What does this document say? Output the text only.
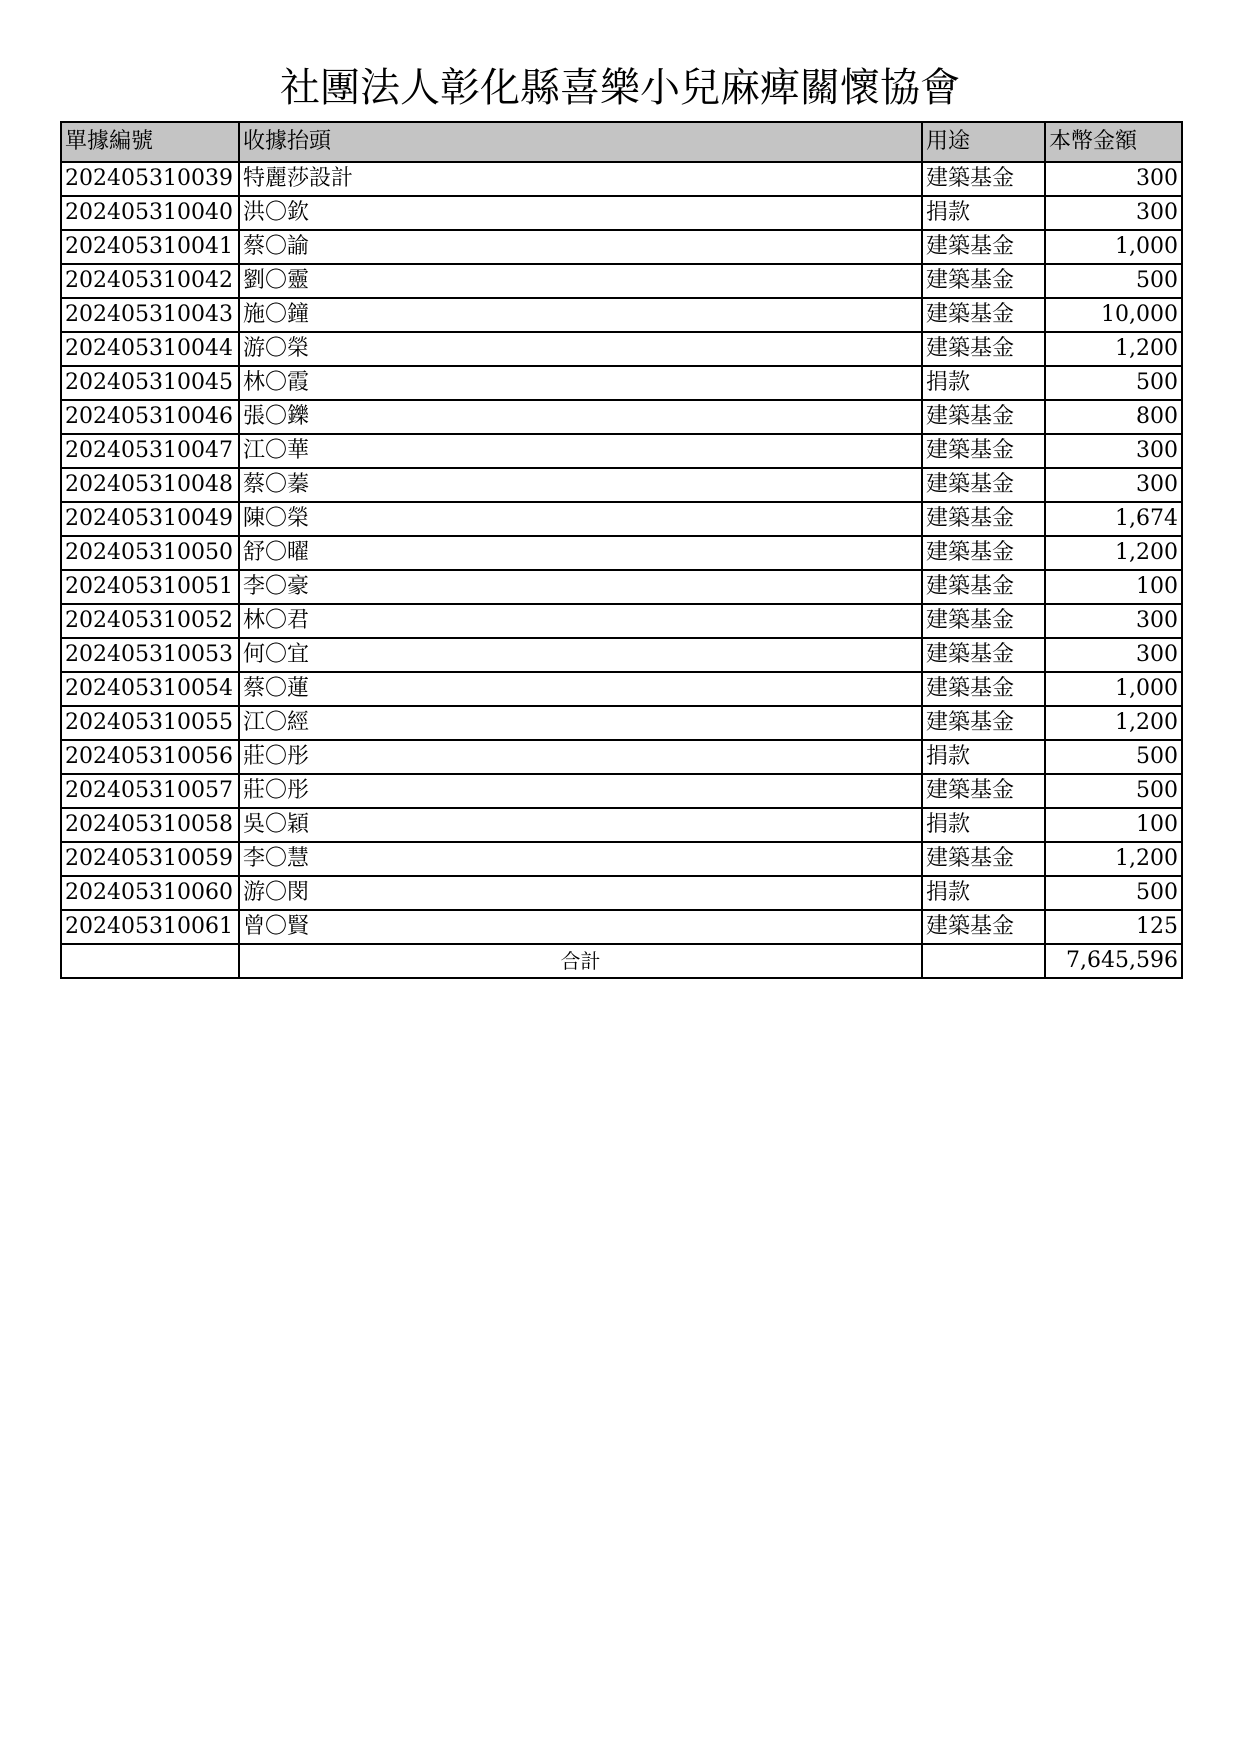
社團法人彰化縣喜樂小兒麻痺關懷協會
單據編號	收據抬頭	用途	本幣金額
202405310039	特麗莎設計	建築基金	300
202405310040	洪〇欽	捐款	300
202405310041	蔡〇諭	建築基金	1,000
202405310042	劉〇靈	建築基金	500
202405310043	施〇鐘	建築基金	10,000
202405310044	游〇榮	建築基金	1,200
202405310045	林〇霞	捐款	500
202405310046	張〇鑠	建築基金	800
202405310047	江〇華	建築基金	300
202405310048	蔡〇蓁	建築基金	300
202405310049	陳〇榮	建築基金	1,674
202405310050	舒〇曜	建築基金	1,200
202405310051	李〇豪	建築基金	100
202405310052	林〇君	建築基金	300
202405310053	何〇宜	建築基金	300
202405310054	蔡〇蓮	建築基金	1,000
202405310055	江〇經	建築基金	1,200
202405310056	莊〇彤	捐款	500
202405310057	莊〇彤	建築基金	500
202405310058	吳〇穎	捐款	100
202405310059	李〇慧	建築基金	1,200
202405310060	游〇閔	捐款	500
202405310061	曾〇賢	建築基金	125
	合計		7,645,596
